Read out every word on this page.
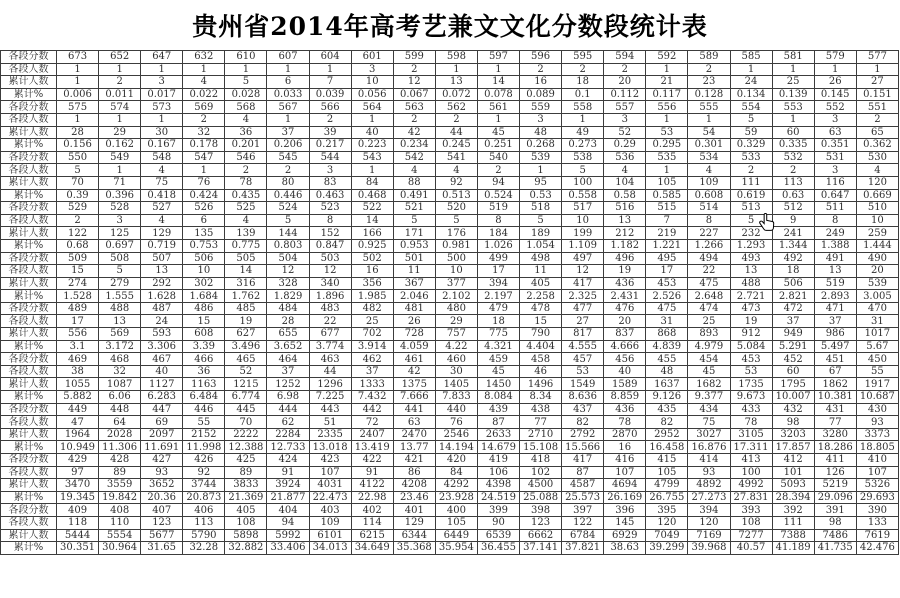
贵州省2014年高考艺兼文文化分数段统计表
各段分数	673	652	647	632	610	607	604	601	599	598	597	596	595	594	592	589	585	581	579	577
各段人数	1	1	1	1	1	1	1	3	2	1	1	2	2	2	1	2	1	1	1	1
累计人数	1	2	3	4	5	6	7	10	12	13	14	16	18	20	21	23	24	25	26	27
累计%	0.006	0.011	0.017	0.022	0.028	0.033	0.039	0.056	0.067	0.072	0.078	0.089	0.1	0.112	0.117	0.128	0.134	0.139	0.145	0.151
各段分数	575	574	573	569	568	567	566	564	563	562	561	559	558	557	556	555	554	553	552	551
各段人数	1	1	1	2	4	1	2	1	2	2	1	3	1	3	1	1	5	1	3	2
累计人数	28	29	30	32	36	37	39	40	42	44	45	48	49	52	53	54	59	60	63	65
累计%	0.156	0.162	0.167	0.178	0.201	0.206	0.217	0.223	0.234	0.245	0.251	0.268	0.273	0.29	0.295	0.301	0.329	0.335	0.351	0.362
各段分数	550	549	548	547	546	545	544	543	542	541	540	539	538	536	535	534	533	532	531	530
各段人数	5	1	4	1	2	2	3	1	4	4	2	1	5	4	1	4	2	2	3	4
累计人数	70	71	75	76	78	80	83	84	88	92	94	95	100	104	105	109	111	113	116	120
累计%	0.39	0.396	0.418	0.424	0.435	0.446	0.463	0.468	0.491	0.513	0.524	0.53	0.558	0.58	0.585	0.608	0.619	0.63	0.647	0.669
各段分数	529	528	527	526	525	524	523	522	521	520	519	518	517	516	515	514	513	512	511	510
各段人数	2	3	4	6	4	5	8	14	5	5	8	5	10	13	7	8	5	9	8	10
累计人数	122	125	129	135	139	144	152	166	171	176	184	189	199	212	219	227	232	241	249	259
累计%	0.68	0.697	0.719	0.753	0.775	0.803	0.847	0.925	0.953	0.981	1.026	1.054	1.109	1.182	1.221	1.266	1.293	1.344	1.388	1.444
各段分数	509	508	507	506	505	504	503	502	501	500	499	498	497	496	495	494	493	492	491	490
各段人数	15	5	13	10	14	12	12	16	11	10	17	11	12	19	17	22	13	18	13	20
累计人数	274	279	292	302	316	328	340	356	367	377	394	405	417	436	453	475	488	506	519	539
累计%	1.528	1.555	1.628	1.684	1.762	1.829	1.896	1.985	2.046	2.102	2.197	2.258	2.325	2.431	2.526	2.648	2.721	2.821	2.893	3.005
各段分数	489	488	487	486	485	484	483	482	481	480	479	478	477	476	475	474	473	472	471	470
各段人数	17	13	24	15	19	28	22	25	26	29	18	15	27	20	31	25	19	37	37	31
累计人数	556	569	593	608	627	655	677	702	728	757	775	790	817	837	868	893	912	949	986	1017
累计%	3.1	3.172	3.306	3.39	3.496	3.652	3.774	3.914	4.059	4.22	4.321	4.404	4.555	4.666	4.839	4.979	5.084	5.291	5.497	5.67
各段分数	469	468	467	466	465	464	463	462	461	460	459	458	457	456	455	454	453	452	451	450
各段人数	38	32	40	36	52	37	44	37	42	30	45	46	53	40	48	45	53	60	67	55
累计人数	1055	1087	1127	1163	1215	1252	1296	1333	1375	1405	1450	1496	1549	1589	1637	1682	1735	1795	1862	1917
累计%	5.882	6.06	6.283	6.484	6.774	6.98	7.225	7.432	7.666	7.833	8.084	8.34	8.636	8.859	9.126	9.377	9.673	10.007	10.381	10.687
各段分数	449	448	447	446	445	444	443	442	441	440	439	438	437	436	435	434	433	432	431	430
各段人数	47	64	69	55	70	62	51	72	63	76	87	77	82	78	82	75	78	98	77	93
累计人数	1964	2028	2097	2152	2222	2284	2335	2407	2470	2546	2633	2710	2792	2870	2952	3027	3105	3203	3280	3373
累计%	10.949	11.306	11.691	11.998	12.388	12.733	13.018	13.419	13.77	14.194	14.679	15.108	15.566	16	16.458	16.876	17.311	17.857	18.286	18.805
各段分数	429	428	427	426	425	424	423	422	421	420	419	418	417	416	415	414	413	412	411	410
各段人数	97	89	93	92	89	91	107	91	86	84	106	102	87	107	105	93	100	101	126	107
累计人数	3470	3559	3652	3744	3833	3924	4031	4122	4208	4292	4398	4500	4587	4694	4799	4892	4992	5093	5219	5326
累计%	19.345	19.842	20.36	20.873	21.369	21.877	22.473	22.98	23.46	23.928	24.519	25.088	25.573	26.169	26.755	27.273	27.831	28.394	29.096	29.693
各段分数	409	408	407	406	405	404	403	402	401	400	399	398	397	396	395	394	393	392	391	390
各段人数	118	110	123	113	108	94	109	114	129	105	90	123	122	145	120	120	108	111	98	133
累计人数	5444	5554	5677	5790	5898	5992	6101	6215	6344	6449	6539	6662	6784	6929	7049	7169	7277	7388	7486	7619
累计%	30.351	30.964	31.65	32.28	32.882	33.406	34.013	34.649	35.368	35.954	36.455	37.141	37.821	38.63	39.299	39.968	40.57	41.189	41.735	42.476
